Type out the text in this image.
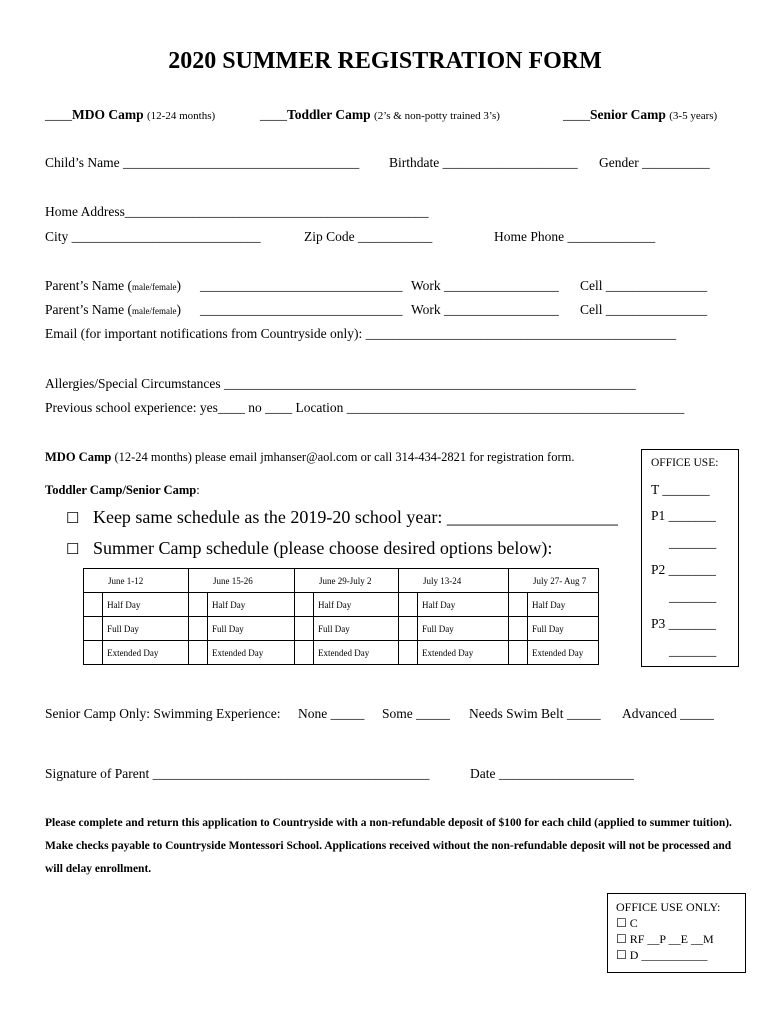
2020 SUMMER REGISTRATION FORM
____MDO Camp (12-24 months)	____Toddler Camp (2’s & non-potty trained 3’s)	____Senior Camp (3-5 years)
Child’s Name ___________________________________ Birthdate ____________________ Gender __________
Home Address_____________________________________________
City ____________________________	Zip Code ___________	Home Phone _____________
Parent’s Name (male/female) ______________________________ Work _________________ Cell _______________
Parent’s Name (male/female) ______________________________ Work _________________ Cell _______________
Email (for important notifications from Countryside only): ______________________________________________
Allergies/Special Circumstances _____________________________________________________________
Previous school experience: yes____ no ____ Location __________________________________________________
MDO Camp (12-24 months) please email jmhanser@aol.com or call 314-434-2821 for registration form.
Toddler Camp/Senior Camp:
☐ Keep same schedule as the 2019-20 school year: ___________________
☐ Summer Camp schedule (please choose desired options below):
June 1-12		June 15-26		June 29-July 2		July 13-24		July 27- Aug 7	
	Half Day		Half Day		Half Day		Half Day		Half Day
	Full Day		Full Day		Full Day		Full Day		Full Day
	Extended Day		Extended Day		Extended Day		Extended Day		Extended Day
OFFICE USE:
T _______
P1 _______
_______
P2 _______
_______
P3 _______
_______
Senior Camp Only: Swimming Experience: None _____ Some _____ Needs Swim Belt _____ Advanced _____
Signature of Parent _________________________________________	Date ____________________
Please complete and return this application to Countryside with a non-refundable deposit of $100 for each child (applied to summer tuition). Make checks payable to Countryside Montessori School. Applications received without the non-refundable deposit will not be processed and will delay enrollment.
OFFICE USE ONLY:
☐ C
☐ RF __P __E __M
☐ D ___________
